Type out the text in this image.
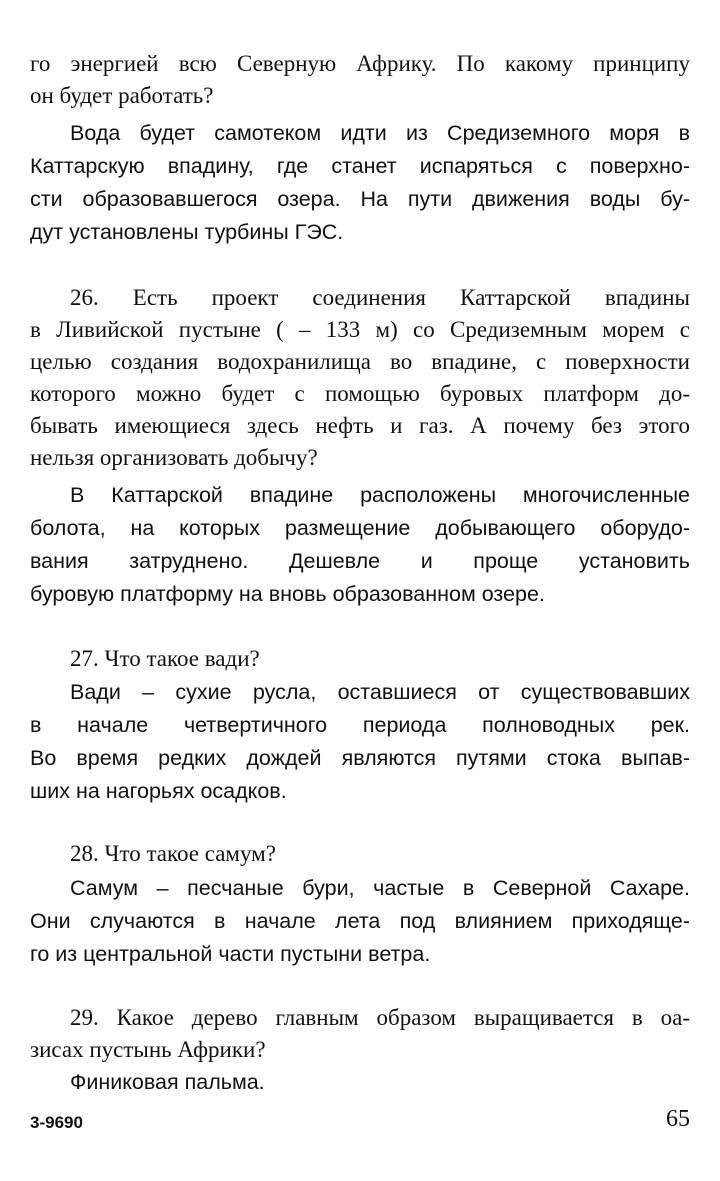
го энергией всю Северную Африку. По какому принципу
он будет работать?
Вода будет самотеком идти из Средиземного моря в
Каттарскую впадину, где станет испаряться с поверхно-
сти образовавшегося озера. На пути движения воды бу-
дут установлены турбины ГЭС.
26. Есть проект соединения Каттарской впадины
в Ливийской пустыне ( – 133 м) со Средиземным морем с
целью создания водохранилища во впадине, с поверхности
которого можно будет с помощью буровых платформ до-
бывать имеющиеся здесь нефть и газ. А почему без этого
нельзя организовать добычу?
В Каттарской впадине расположены многочисленные
болота, на которых размещение добывающего оборудо-
вания затруднено. Дешевле и проще установить
буровую платформу на вновь образованном озере.
27. Что такое вади?
Вади – сухие русла, оставшиеся от существовавших
в начале четвертичного периода полноводных рек.
Во время редких дождей являются путями стока выпав-
ших на нагорьях осадков.
28. Что такое самум?
Самум – песчаные бури, частые в Северной Сахаре.
Они случаются в начале лета под влиянием приходяще-
го из центральной части пустыни ветра.
29. Какое дерево главным образом выращивается в оа-
зисах пустынь Африки?
Финиковая пальма.
3-9690	65
